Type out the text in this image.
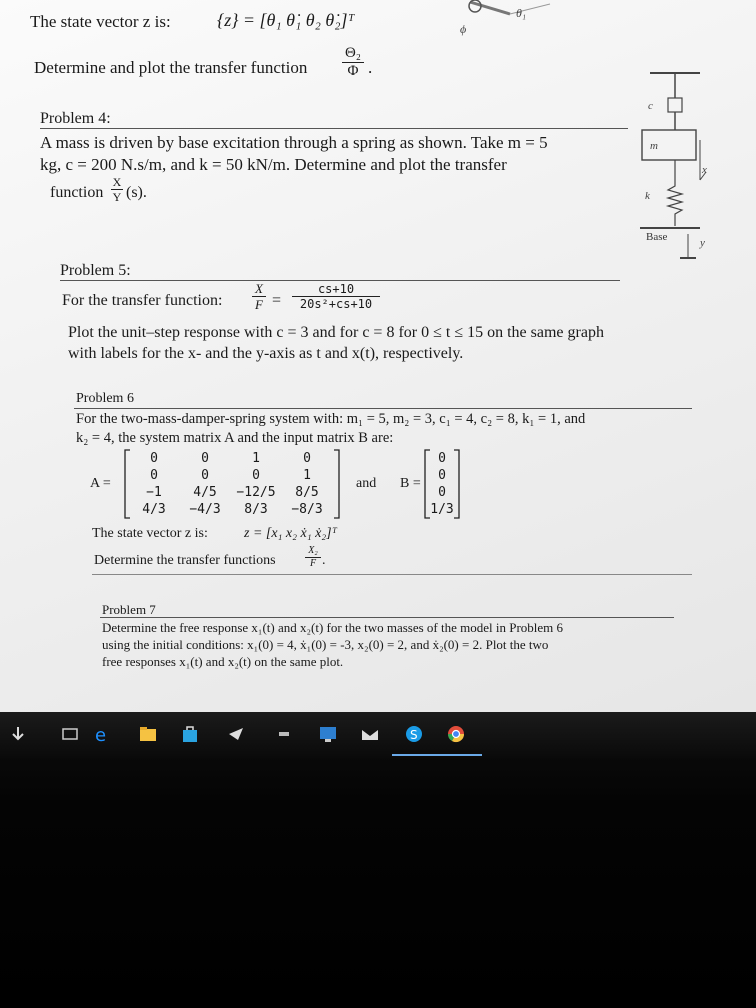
The state vector z is:	{z} = [θ₁ θ̇₁ θ₂ θ̇₂]ᵀ
Determine and plot the transfer function
Θ₂
Φ .
θ₁
ϕ
Problem 4:
A mass is driven by base excitation through a spring as shown. Take m = 5
kg, c = 200 N.s/m, and k = 50 kN/m. Determine and plot the transfer
function
X
Y (s).
c
m
k
x
Base	y
Problem 5:
For the transfer function:
X
F =
cs+10
20s²+cs+10
Plot the unit–step response with c = 3 and for c = 8 for 0 ≤ t ≤ 15 on the same graph
with labels for the x- and the y-axis as t and x(t), respectively.
Problem 6
For the two-mass-damper-spring system with: m₁ = 5, m₂ = 3, c₁ = 4, c₂ = 8, k₁ = 1, and
k₂ = 4, the system matrix A and the input matrix B are:
A =
0	0	1	0
0	0	0	1
−1	4/5	−12/5	8/5
4/3	−4/3	8/3	−8/3
and B =
0
0
0
1/3
The state vector z is:	z = [x₁ x₂ ẋ₁ ẋ₂]ᵀ
Determine the transfer functions
X₂
F .
Problem 7
Determine the free response x₁(t) and x₂(t) for the two masses of the model in Problem 6
using the initial conditions: x₁(0) = 4, ẋ₁(0) = -3, x₂(0) = 2, and ẋ₂(0) = 2. Plot the two
free responses x₁(t) and x₂(t) on the same plot.
e	S
